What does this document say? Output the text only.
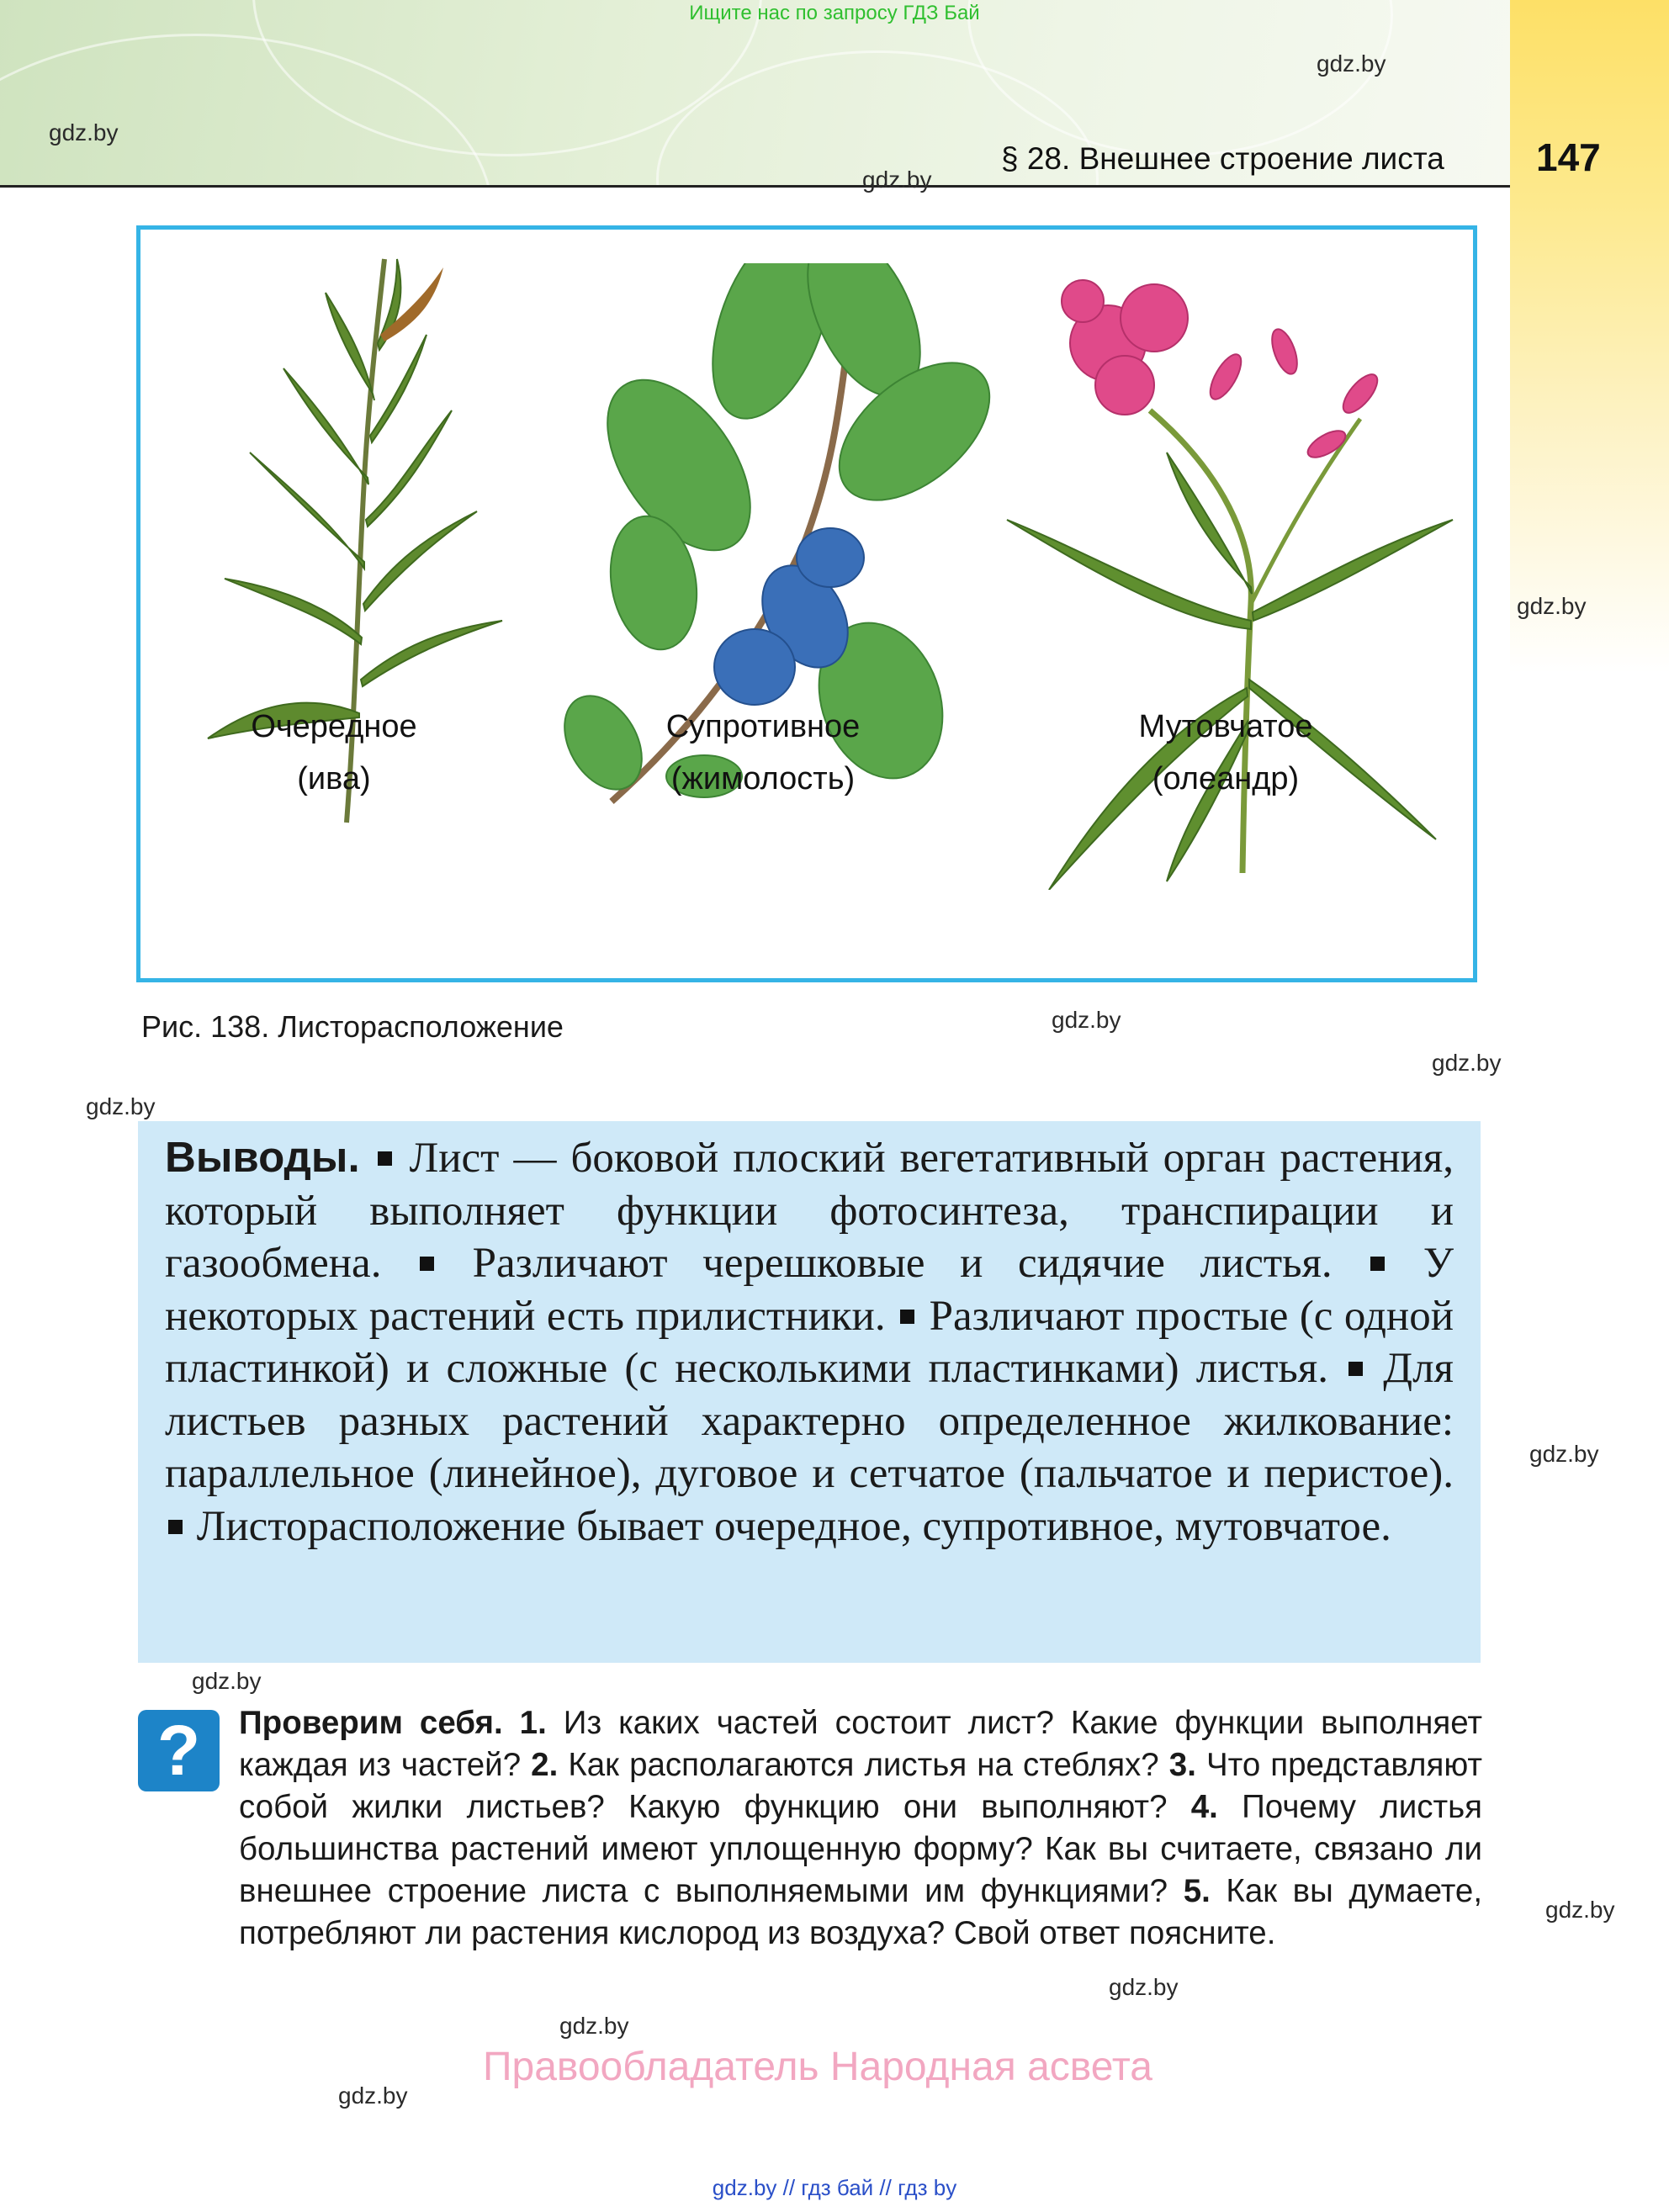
Ищите нас по запросу ГДЗ Бай
§ 28. Внешнее строение листа 147
gdz.by
gdz.by
gdz.by
gdz.by
gdz.by
gdz.by
gdz.by
gdz.by
gdz.by
gdz.by
gdz.by
gdz.by
gdz.by
Очередное
(ива)
Супротивное
(жимолость)
Мутовчатое
(олеандр)
Рис. 138. Листорасположение
Выводы. Лист — боковой плоский вегетативный орган растения, который выполняет функции фотосинтеза, транспирации и газообмена. Различают черешковые и сидячие листья. У некоторых растений есть прилистники. Различают простые (с одной пластинкой) и сложные (с несколькими пластинками) листья. Для листьев разных растений характерно определенное жилкование: параллельное (линейное), дуговое и сетчатое (пальчатое и перистое).  Листорасположение бывает очередное, супротивное, мутовчатое.
?	Проверим себя. 1. Из каких частей состоит лист? Какие функции выполняет каждая из частей? 2. Как располагаются листья на стеблях? 3. Что представляют собой жилки листьев? Какую функцию они выполняют? 4. Почему листья большинства растений имеют уплощенную форму? Как вы считаете, связано ли внешнее строение листа с выполняемыми им функциями? 5. Как вы думаете, потребляют ли растения кислород из воздуха? Свой ответ поясните.
Правообладатель Народная асвета
gdz.by // гдз бай // гдз by
